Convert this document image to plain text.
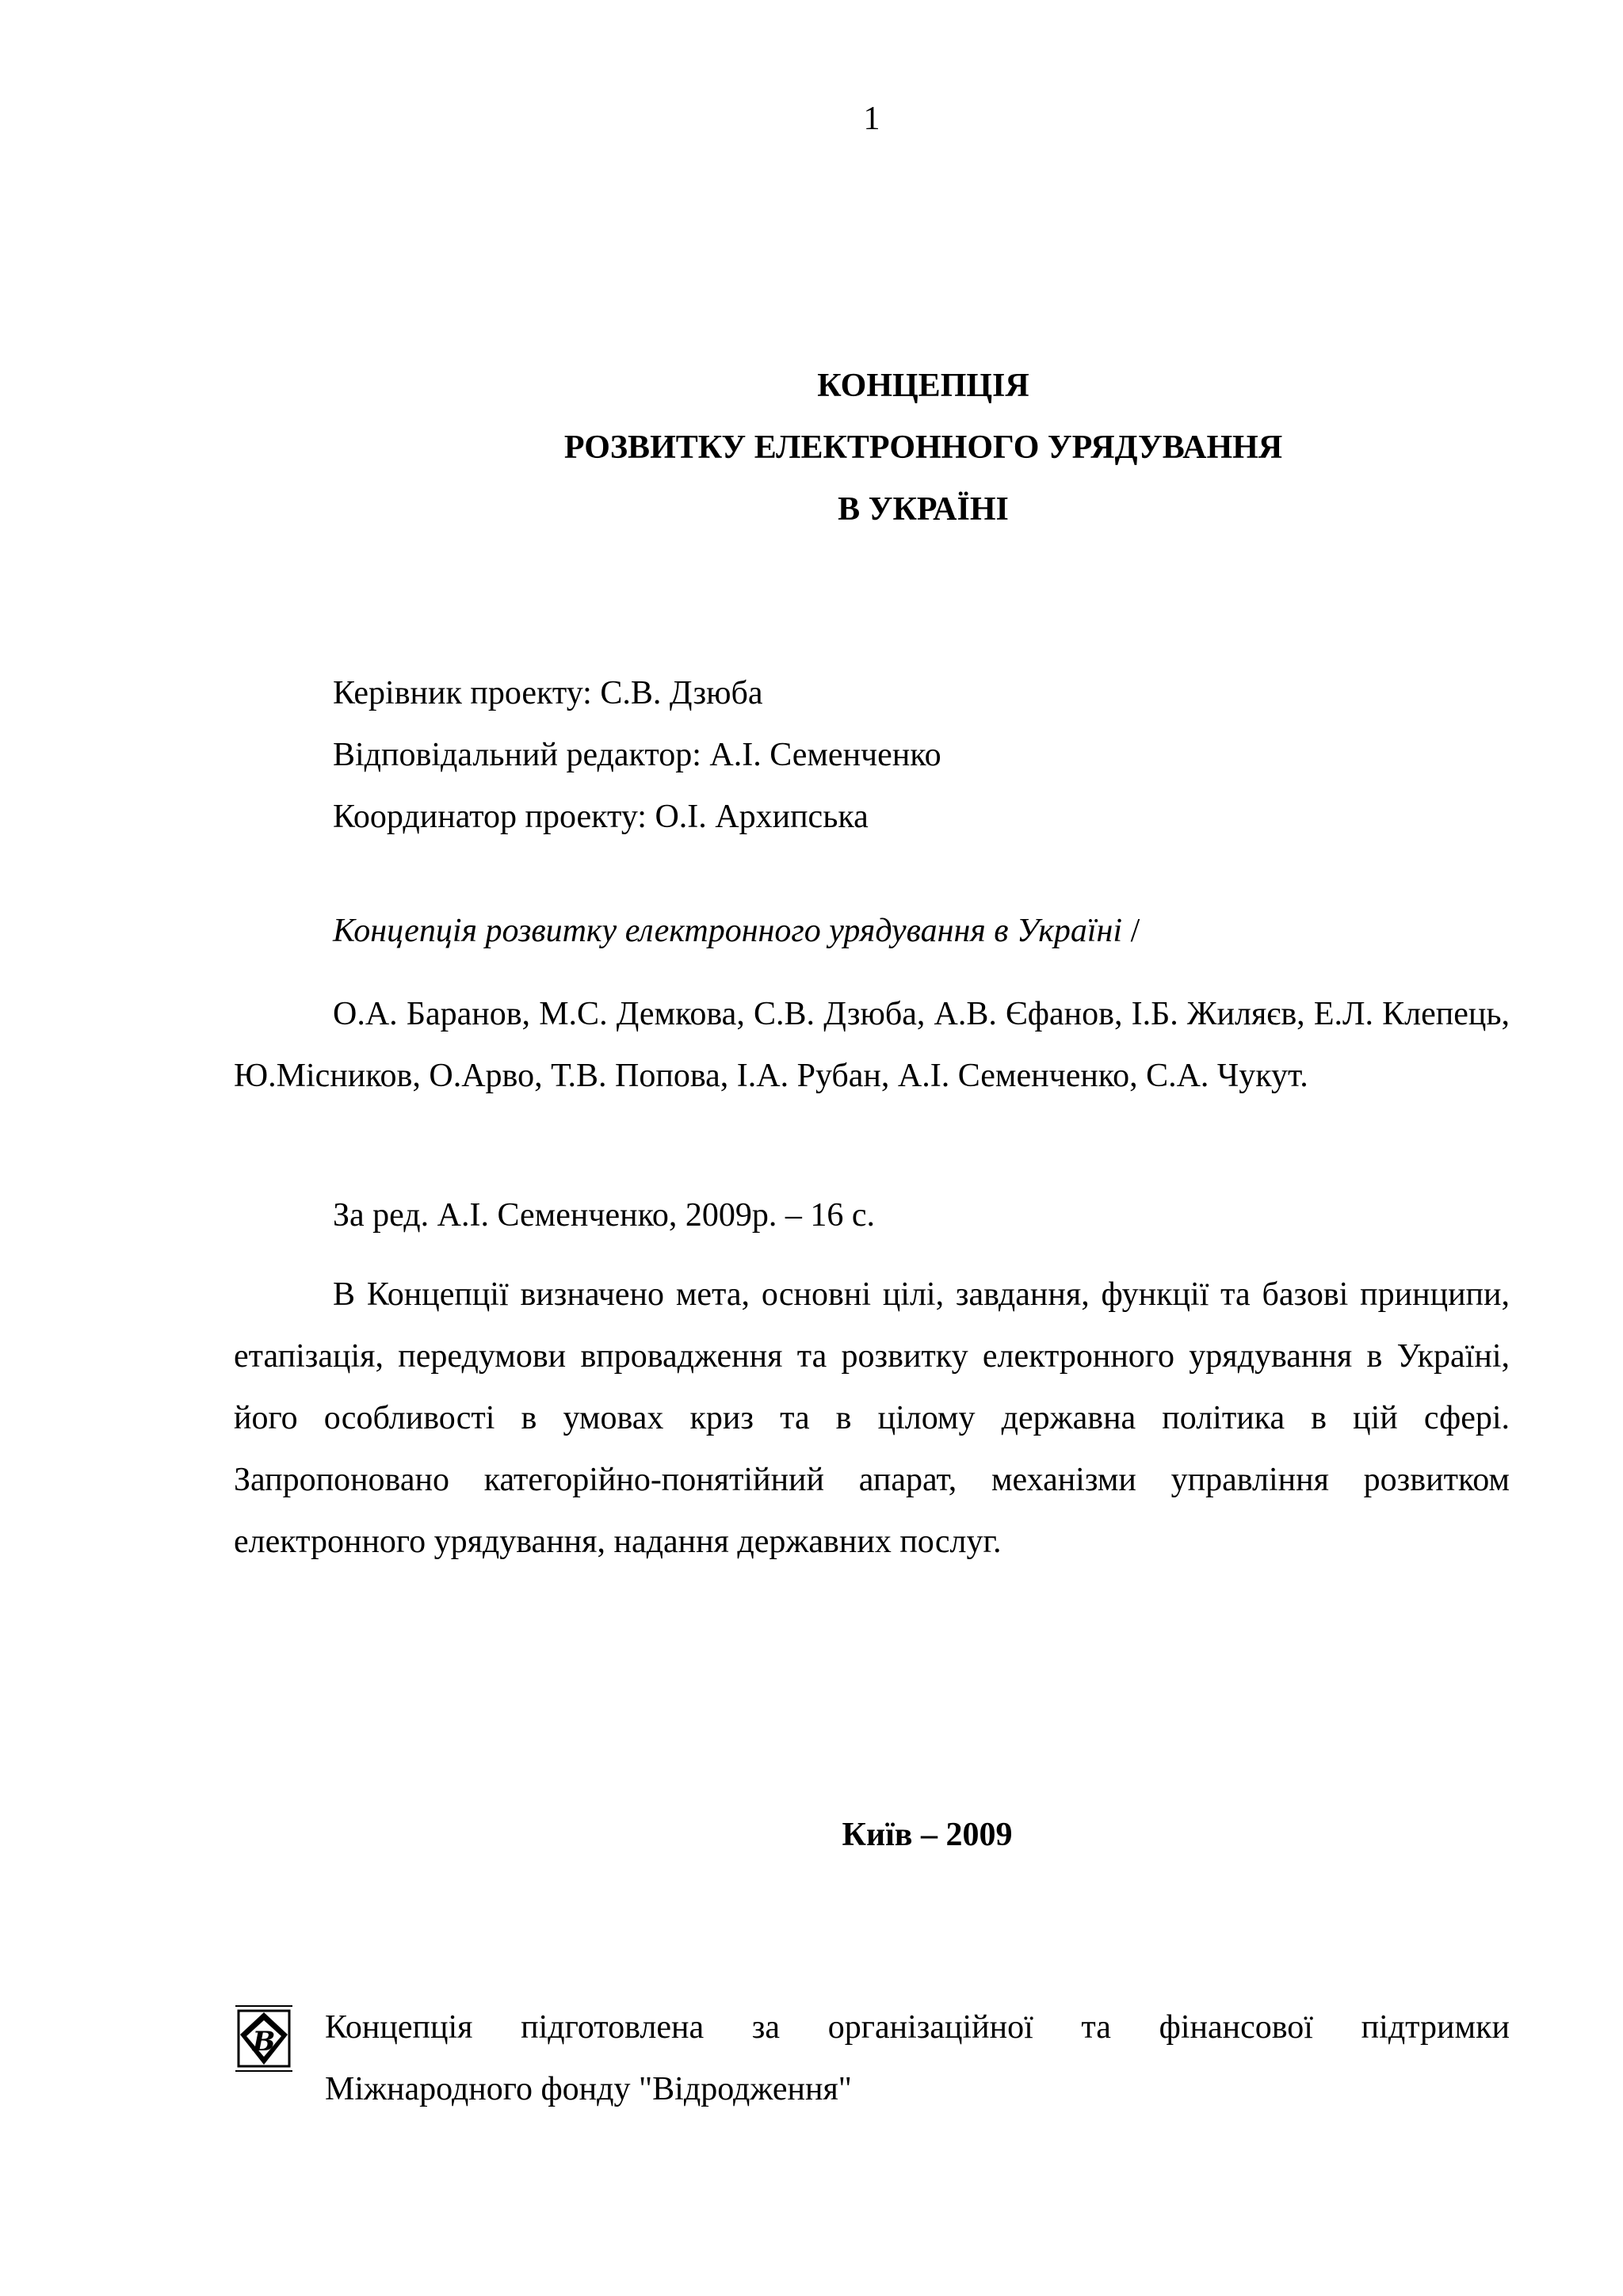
1
КОНЦЕПЦІЯ
РОЗВИТКУ ЕЛЕКТРОННОГО УРЯДУВАННЯ
В УКРАЇНІ
Керівник проекту: С.В. Дзюба
Відповідальний редактор: А.І. Семенченко
Координатор проекту: О.І. Архипська
Концепція розвитку електронного урядування в Україні /
О.А. Баранов, М.С. Демкова, С.В. Дзюба, А.В. Єфанов, І.Б. Жиляєв, Е.Л. Клепець, Ю.Місников, О.Арво, Т.В. Попова, І.А. Рубан, А.І. Семенченко, С.А. Чукут.
За ред. А.І. Семенченко, 2009р. – 16 с.
В Концепції визначено мета, основні цілі, завдання, функції та базові принципи, етапізація, передумови впровадження та розвитку електронного урядування в Україні, його особливості в умовах криз та в цілому державна політика в цій сфері. Запропоновано категорійно-понятійний апарат, механізми управління розвитком електронного урядування, надання державних послуг.
Київ – 2009
В Концепція підготовлена за організаційної та фінансової підтримки
Міжнародного фонду "Відродження"
